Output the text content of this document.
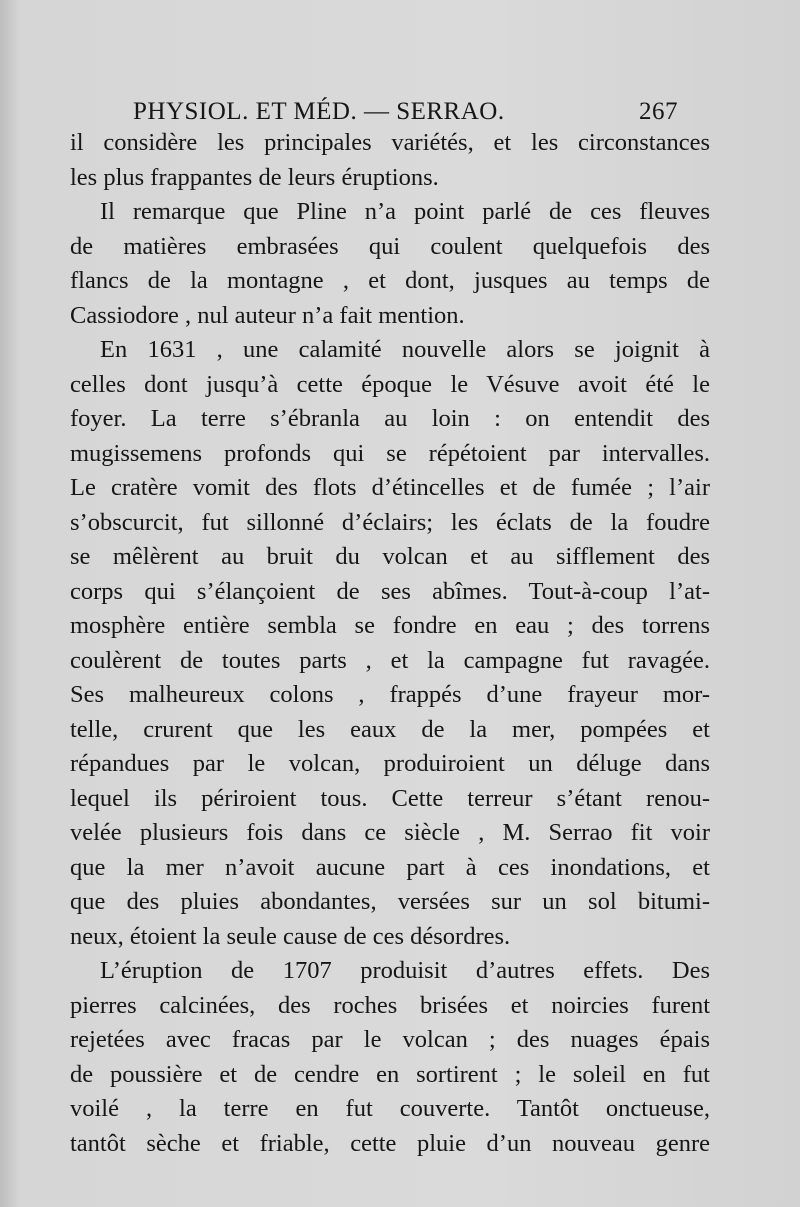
PHYSIOL. ET MÉD. — SERRAO.	267

il considère les principales variétés, et les circonstances
les plus frappantes de leurs éruptions.

Il remarque que Pline n’a point parlé de ces fleuves
de matières embrasées qui coulent quelquefois des
flancs de la montagne , et dont, jusques au temps de
Cassiodore , nul auteur n’a fait mention.

En 1631 , une calamité nouvelle alors se joignit à
celles dont jusqu’à cette époque le Vésuve avoit été le
foyer. La terre s’ébranla au loin : on entendit des
mugissemens profonds qui se répétoient par intervalles.
Le cratère vomit des flots d’étincelles et de fumée ; l’air
s’obscurcit, fut sillonné d’éclairs; les éclats de la foudre
se mêlèrent au bruit du volcan et au sifflement des
corps qui s’élançoient de ses abîmes. Tout-à-coup l’at-
mosphère entière sembla se fondre en eau ; des torrens
coulèrent de toutes parts , et la campagne fut ravagée.
Ses malheureux colons , frappés d’une frayeur mor-
telle, crurent que les eaux de la mer, pompées et
répandues par le volcan, produiroient un déluge dans
lequel ils périroient tous. Cette terreur s’étant renou-
velée plusieurs fois dans ce siècle , M. Serrao fit voir
que la mer n’avoit aucune part à ces inondations, et
que des pluies abondantes, versées sur un sol bitumi-
neux, étoient la seule cause de ces désordres.

L’éruption de 1707 produisit d’autres effets. Des
pierres calcinées, des roches brisées et noircies furent
rejetées avec fracas par le volcan ; des nuages épais
de poussière et de cendre en sortirent ; le soleil en fut
voilé , la terre en fut couverte. Tantôt onctueuse,
tantôt sèche et friable, cette pluie d’un nouveau genre
